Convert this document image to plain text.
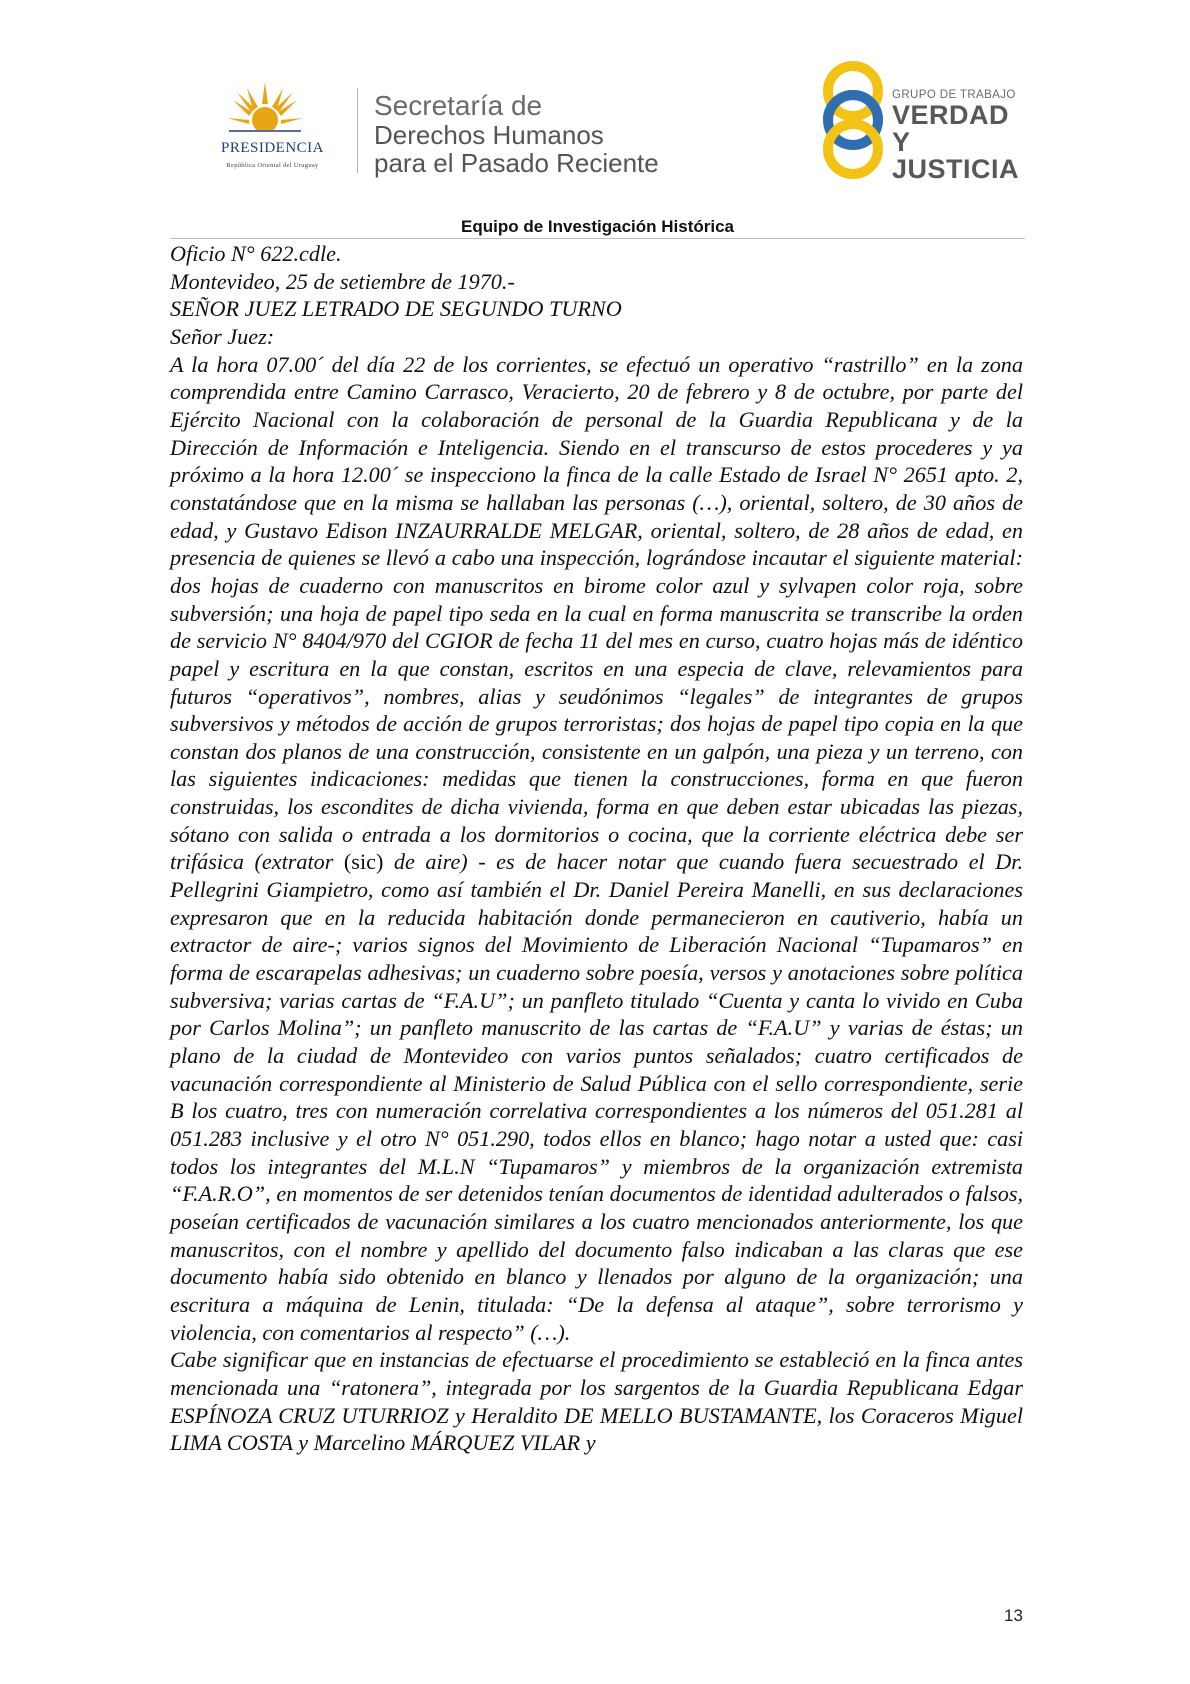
PRESIDENCIA
República Oriental del Uruguay
Secretaría de
Derechos Humanos
para el Pasado Reciente
GRUPO DE TRABAJO
VERDAD Y
JUSTICIA
Equipo de Investigación Histórica

Oficio N° 622.cdle.

Montevideo, 25 de setiembre de 1970.-

SEÑOR JUEZ LETRADO DE SEGUNDO TURNO

Señor Juez:

A la hora 07.00´ del día 22 de los corrientes, se efectuó un operativo “rastrillo” en la zona comprendida entre Camino Carrasco, Veracierto, 20 de febrero y 8 de octubre, por parte del Ejército Nacional con la colaboración de personal de la Guardia Republicana y de la Dirección de Información e Inteligencia. Siendo en el transcurso de estos procederes y ya próximo a la hora 12.00´ se inspecciono la finca de la calle Estado de Israel N° 2651 apto. 2, constatándose que en la misma se hallaban las personas (…), oriental, soltero, de 30 años de edad, y Gustavo Edison INZAURRALDE MELGAR, oriental, soltero, de 28 años de edad, en presencia de quienes se llevó a cabo una inspección, lográndose incautar el siguiente material: dos hojas de cuaderno con manuscritos en birome color azul y sylvapen color roja, sobre subversión; una hoja de papel tipo seda en la cual en forma manuscrita se transcribe la orden de servicio N° 8404/970 del CGIOR de fecha 11 del mes en curso, cuatro hojas más de idéntico papel y escritura en la que constan, escritos en una especia de clave, relevamientos para futuros “operativos”, nombres, alias y seudónimos “legales” de integrantes de grupos subversivos y métodos de acción de grupos terroristas; dos hojas de papel tipo copia en la que constan dos planos de una construcción, consistente en un galpón, una pieza y un terreno, con las siguientes indicaciones: medidas que tienen la construcciones, forma en que fueron construidas, los escondites de dicha vivienda, forma en que deben estar ubicadas las piezas, sótano con salida o entrada a los dormitorios o cocina, que la corriente eléctrica debe ser trifásica (extrator (sic) de aire) - es de hacer notar que cuando fuera secuestrado el Dr. Pellegrini Giampietro, como así también el Dr. Daniel Pereira Manelli, en sus declaraciones expresaron que en la reducida habitación donde permanecieron en cautiverio, había un extractor de aire-; varios signos del Movimiento de Liberación Nacional “Tupamaros” en forma de escarapelas adhesivas; un cuaderno sobre poesía, versos y anotaciones sobre política subversiva; varias cartas de “F.A.U”; un panfleto titulado “Cuenta y canta lo vivido en Cuba por Carlos Molina”; un panfleto manuscrito de las cartas de “F.A.U” y varias de éstas; un plano de la ciudad de Montevideo con varios puntos señalados; cuatro certificados de vacunación correspondiente al Ministerio de Salud Pública con el sello correspondiente, serie B los cuatro, tres con numeración correlativa correspondientes a los números del 051.281 al 051.283 inclusive y el otro N° 051.290, todos ellos en blanco; hago notar a usted que: casi todos los integrantes del M.L.N “Tupamaros” y miembros de la organización extremista “F.A.R.O”, en momentos de ser detenidos tenían documentos de identidad adulterados o falsos, poseían certificados de vacunación similares a los cuatro mencionados anteriormente, los que manuscritos, con el nombre y apellido del documento falso indicaban a las claras que ese documento había sido obtenido en blanco y llenados por alguno de la organización; una escritura a máquina de Lenin, titulada: “De la defensa al ataque”, sobre terrorismo y violencia, con comentarios al respecto” (…).

Cabe significar que en instancias de efectuarse el procedimiento se estableció en la finca antes mencionada una “ratonera”, integrada por los sargentos de la Guardia Republicana Edgar ESPÍNOZA CRUZ UTURRIOZ y Heraldito DE MELLO BUSTAMANTE, los Coraceros Miguel LIMA COSTA y Marcelino MÁRQUEZ VILAR y

13
